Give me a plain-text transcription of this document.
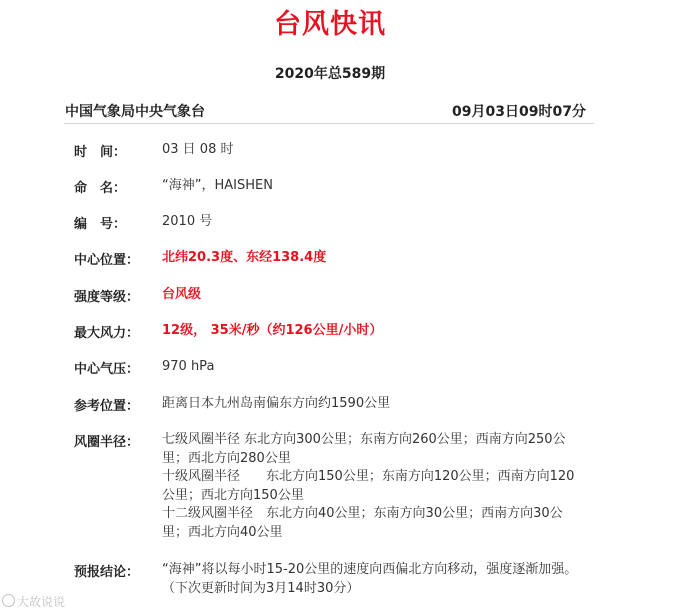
台风快讯
2020年总589期
中国气象局中央气象台	09月03日09时07分
时　间：	03 日 08 时
命　名：	“海神”，HAISHEN
编　号：	2010 号
中心位置： 北纬20.3度、东经138.4度
强度等级： 台风级
最大风力： 12级， 35米/秒（约126公里/小时）
中心气压： 970 hPa
参考位置： 距离日本九州岛南偏东方向约1590公里
风圈半径： 七级风圈半径 东北方向300公里；东南方向260公里；西南方向250公里；西北方向280公里

十级风圈半径　　东北方向150公里；东南方向120公里；西南方向120公里；西北方向150公里

十二级风圈半径　东北方向40公里；东南方向30公里；西南方向30公里；西北方向40公里

预报结论： “海神”将以每小时15-20公里的速度向西偏北方向移动，强度逐渐加强。

（下次更新时间为3月14时30分）

大故说说
